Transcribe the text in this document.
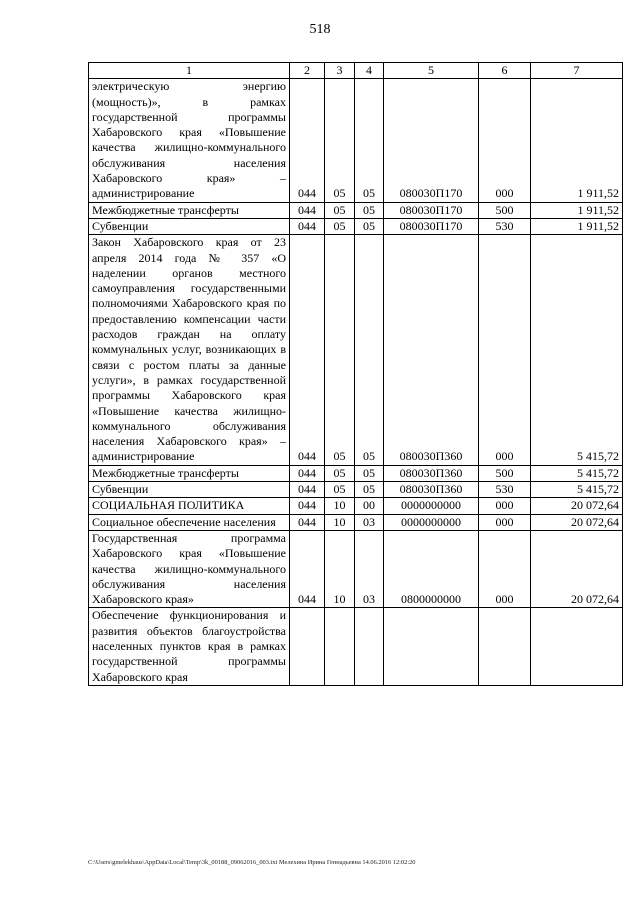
518
1	2	3	4	5	6	7
электрическую энергию (мощность)», в рамках государственной программы Хабаровского края «Повышение качества жилищно-коммунального обслуживания населения Хабаровского края» – администрирование	044	05	05	080030П170	000	1 911,52
Межбюджетные трансферты	044	05	05	080030П170	500	1 911,52
Субвенции	044	05	05	080030П170	530	1 911,52
Закон Хабаровского края от 23 апреля 2014 года № 357 «О наделении органов местного самоуправления государственными полномочиями Хабаровского края по предоставлению компенсации части расходов граждан на оплату коммунальных услуг, возникающих в связи с ростом платы за данные услуги», в рамках государственной программы Хабаровского края «Повышение качества жилищно-коммунального обслуживания населения Хабаровского края» – администрирование	044	05	05	080030П360	000	5 415,72
Межбюджетные трансферты	044	05	05	080030П360	500	5 415,72
Субвенции	044	05	05	080030П360	530	5 415,72
СОЦИАЛЬНАЯ ПОЛИТИКА	044	10	00	0000000000	000	20 072,64
Социальное обеспечение населения	044	10	03	0000000000	000	20 072,64
Государственная программа Хабаровского края «Повышение качества жилищно-коммунального обслуживания населения Хабаровского края»	044	10	03	0800000000	000	20 072,64
Обеспечение функционирования и развития объектов благоустройства населенных пунктов края в рамках государственной программы Хабаровского края						
C:\Users\gmelekhaus\AppData\Local\Temp\3k_00188_09062016_003.txt Мелехина Ирина Геннадьевна 14.06.2016 12:02:20
